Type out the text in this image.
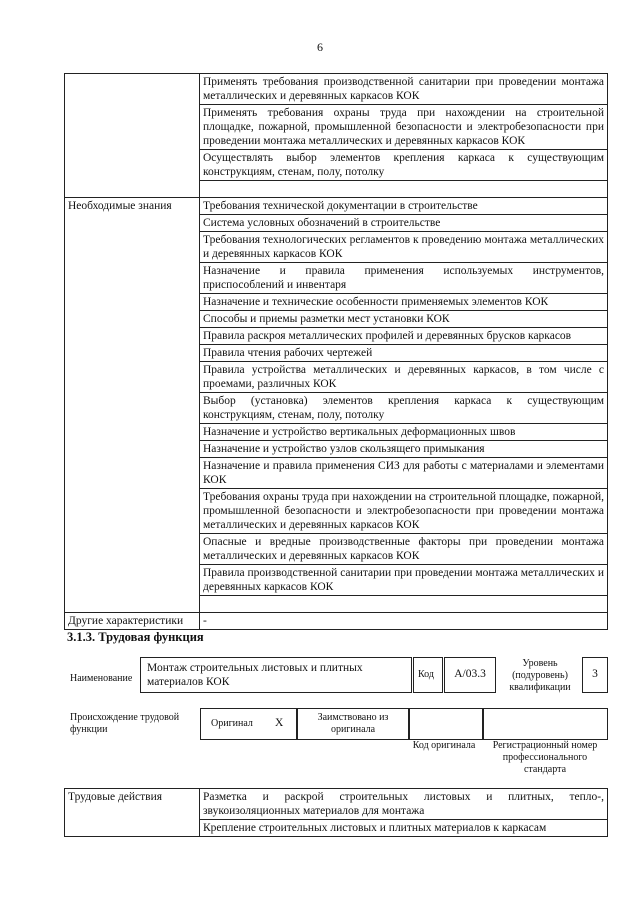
6
	Применять требования производственной санитарии при проведении монтажа металлических и деревянных каркасов КОК
	Применять требования охраны труда при нахождении на строительной площадке, пожарной, промышленной безопасности и электробезопасности при проведении монтажа металлических и деревянных каркасов КОК
	Осуществлять выбор элементов крепления каркаса к существующим конструкциям, стенам, полу, потолку

Необходимые знания	Требования технической документации в строительстве
	Система условных обозначений в строительстве
	Требования технологических регламентов к проведению монтажа металлических и деревянных каркасов КОК
	Назначение и правила применения используемых инструментов, приспособлений и инвентаря
	Назначение и технические особенности применяемых элементов КОК
	Способы и приемы разметки мест установки КОК
	Правила раскроя металлических профилей и деревянных брусков каркасов
	Правила чтения рабочих чертежей
	Правила устройства металлических и деревянных каркасов, в том числе с проемами, различных КОК
	Выбор (установка) элементов крепления каркаса к существующим конструкциям, стенам, полу, потолку
	Назначение и устройство вертикальных деформационных швов
	Назначение и устройство узлов скользящего примыкания
	Назначение и правила применения СИЗ для работы с материалами и элементами КОК
	Требования охраны труда при нахождении на строительной площадке, пожарной, промышленной безопасности и электробезопасности при проведении монтажа металлических и деревянных каркасов КОК
	Опасные и вредные производственные факторы при проведении монтажа металлических и деревянных каркасов КОК
	Правила производственной санитарии при проведении монтажа металлических и деревянных каркасов КОК

Другие характеристики	-
3.1.3. Трудовая функция
Наименование
Монтаж строительных листовых и плитных материалов КОК
Код	А/03.3
Уровень (подуровень) квалификации
3
Происхождение трудовой функции
Оригинал X	Заимствовано из оригинала
Код оригинала	Регистрационный номер профессионального стандарта
Трудовые действия	Разметка и раскрой строительных листовых и плитных, тепло-, звукоизоляционных материалов для монтажа
Крепление строительных листовых и плитных материалов к каркасам
